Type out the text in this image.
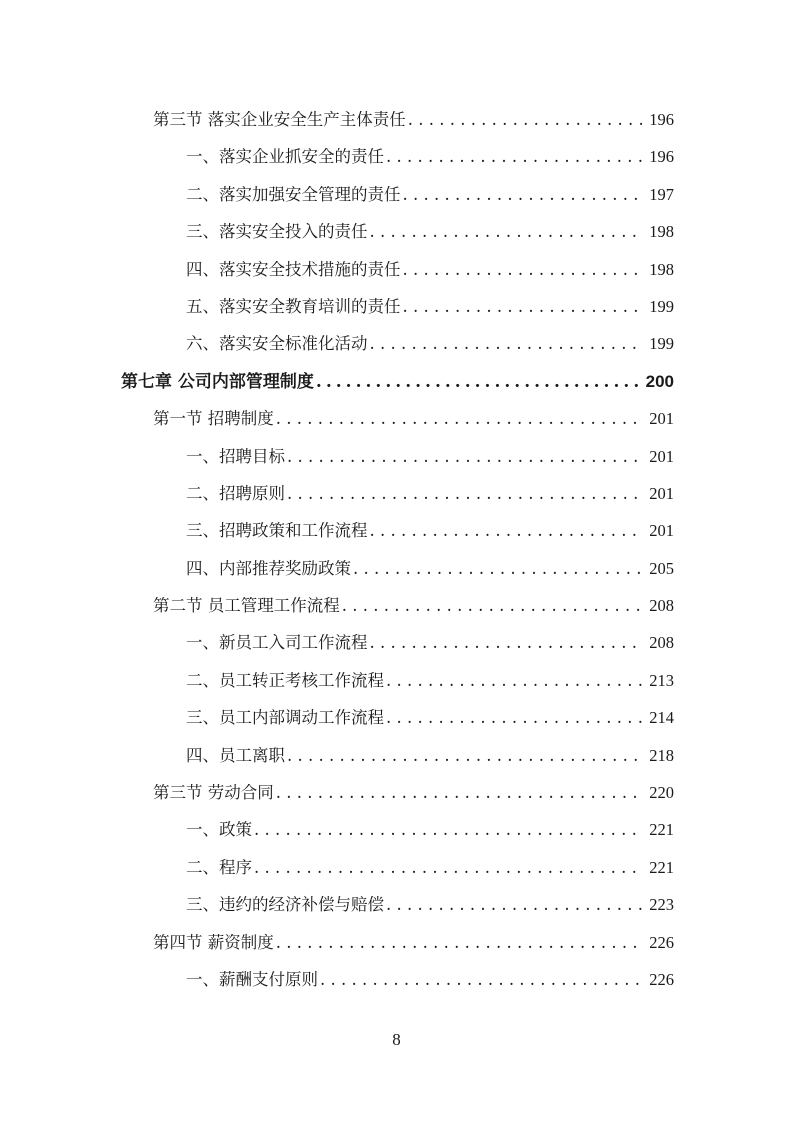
第三节 落实企业安全生产主体责任 . . .	196
一、落实企业抓安全的责任 . . .	196
二、落实加强安全管理的责任 . . .	197
三、落实安全投入的责任 . . .	198
四、落实安全技术措施的责任 . . .	198
五、落实安全教育培训的责任 . . .	199
六、落实安全标准化活动 . . .	199
第七章 公司内部管理制度 .....	200
第一节 招聘制度 . . .	201
一、招聘目标 . . .	201
二、招聘原则 . . .	201
三、招聘政策和工作流程 . . .	201
四、内部推荐奖励政策 . . .	205
第二节 员工管理工作流程 . . .	208
一、新员工入司工作流程 . . .	208
二、员工转正考核工作流程 . . .	213
三、员工内部调动工作流程 . . .	214
四、员工离职 . . .	218
第三节 劳动合同 . . .	220
一、政策 . . .	221
二、程序 . . .	221
三、违约的经济补偿与赔偿 . . .	223
第四节 薪资制度 . . .	226
一、薪酬支付原则 . . .	226
8
